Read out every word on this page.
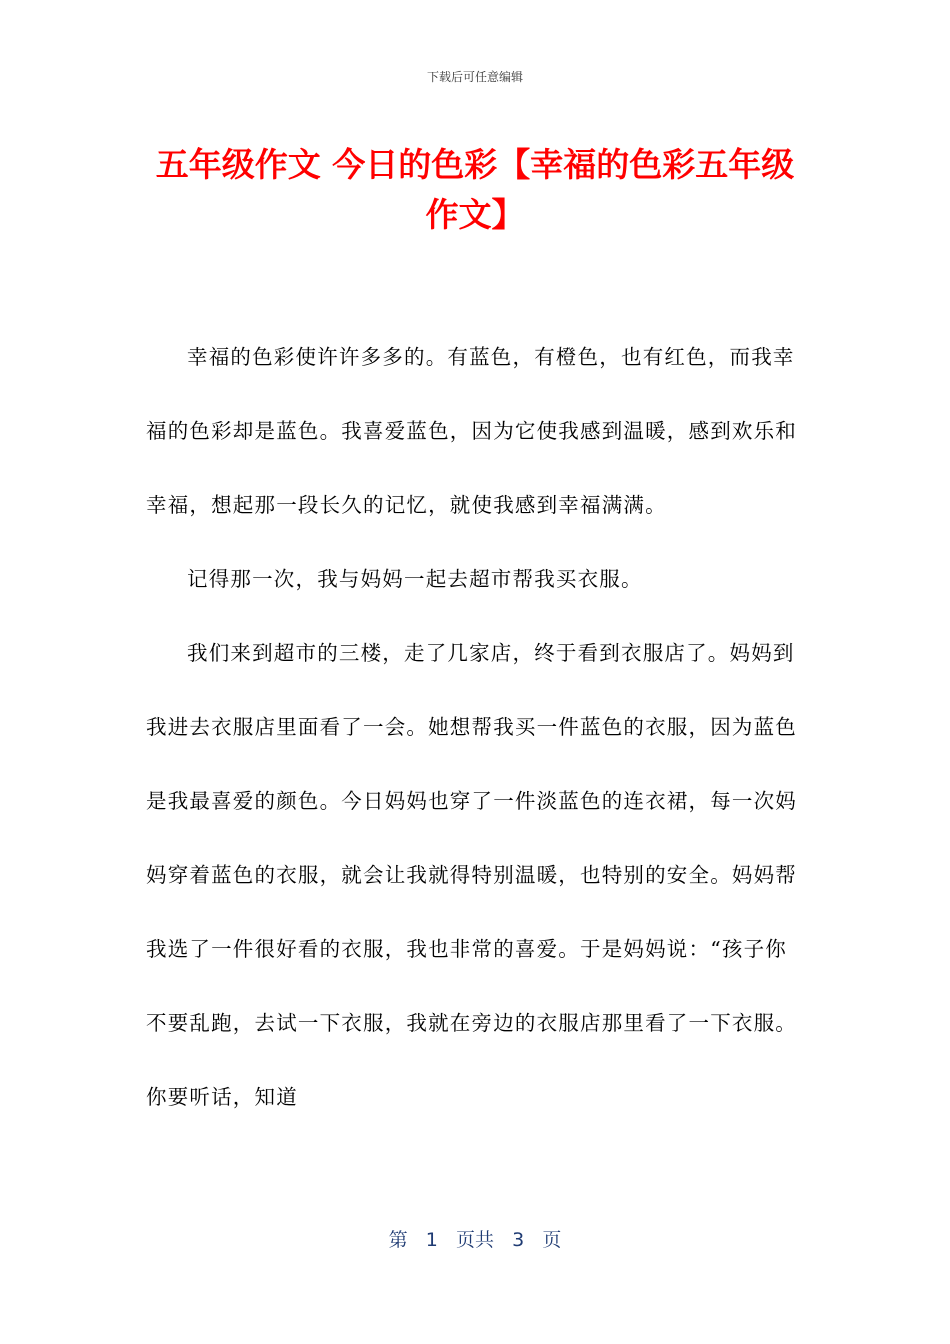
下载后可任意编辑
五年级作文 今日的色彩【幸福的色彩五年级作文】

幸福的色彩使许许多多的。有蓝色，有橙色，也有红色，而我幸福的色彩却是蓝色。我喜爱蓝色，因为它使我感到温暖，感到欢乐和幸福，想起那一段长久的记忆，就使我感到幸福满满。

记得那一次，我与妈妈一起去超市帮我买衣服。

我们来到超市的三楼，走了几家店，终于看到衣服店了。妈妈到我进去衣服店里面看了一会。她想帮我买一件蓝色的衣服，因为蓝色是我最喜爱的颜色。今日妈妈也穿了一件淡蓝色的连衣裙，每一次妈妈穿着蓝色的衣服，就会让我就得特别温暖，也特别的安全。妈妈帮我选了一件很好看的衣服，我也非常的喜爱。于是妈妈说：“孩子你不要乱跑，去试一下衣服，我就在旁边的衣服店那里看了一下衣服。你要听话，知道

第 1 页共 3 页
